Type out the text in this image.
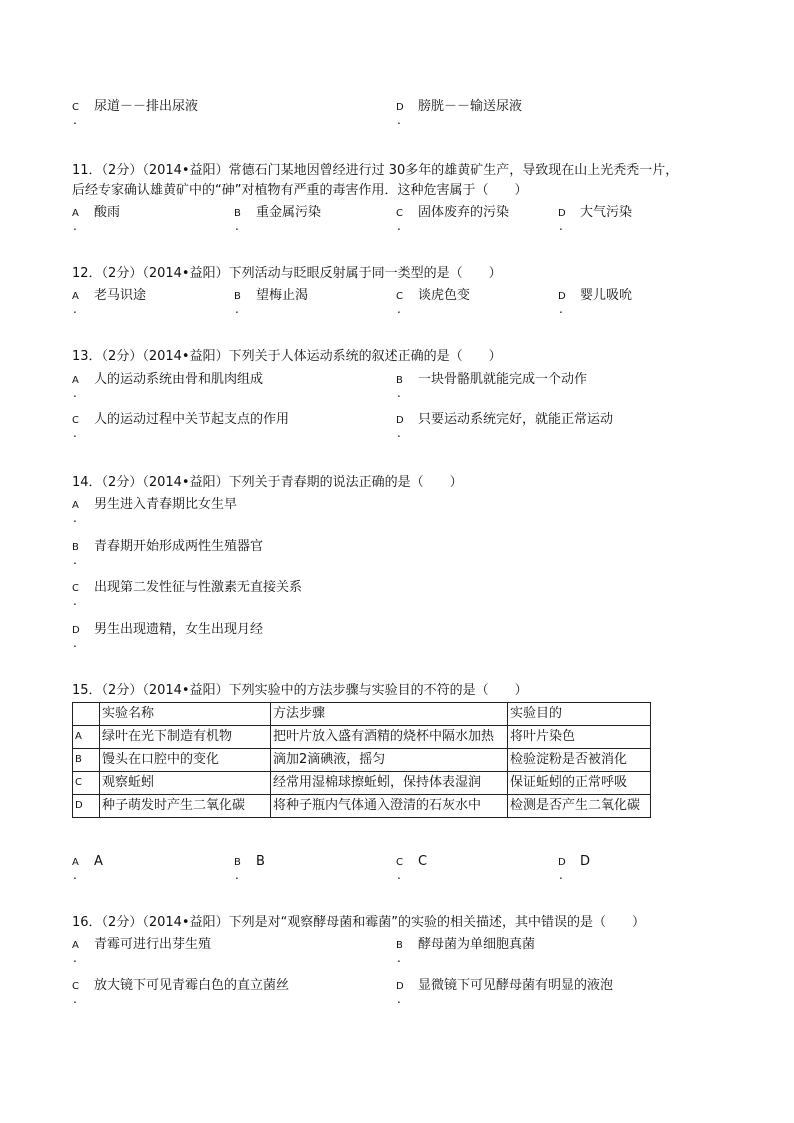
C 尿道－－排出尿液
.
D 膀胱－－输送尿液
.
11．（2分）（2014•益阳）常德石门某地因曾经进行过 30多年的雄黄矿生产，导致现在山上光秃秃一片，
后经专家确认雄黄矿中的“砷”对植物有严重的毒害作用．这种危害属于（　　）
A 酸雨
.
B 重金属污染
.
C 固体废弃的污染
.
D 大气污染
.
12．（2分）（2014•益阳）下列活动与眨眼反射属于同一类型的是（　　）
A 老马识途
.
B 望梅止渴
.
C 谈虎色变
.
D 婴儿吸吮
.
13．（2分）（2014•益阳）下列关于人体运动系统的叙述正确的是（　　）
A 人的运动系统由骨和肌肉组成
.
B 一块骨骼肌就能完成一个动作
.
C 人的运动过程中关节起支点的作用
.
D 只要运动系统完好，就能正常运动
.
14．（2分）（2014•益阳）下列关于青春期的说法正确的是（　　）
A 男生进入青春期比女生早
.
B 青春期开始形成两性生殖器官
.
C 出现第二发性征与性激素无直接关系
.
D 男生出现遗精，女生出现月经
.
15．（2分）（2014•益阳）下列实验中的方法步骤与实验目的不符的是（　　）
	实验名称	方法步骤	实验目的
A	绿叶在光下制造有机物	把叶片放入盛有酒精的烧杯中隔水加热	将叶片染色
B	馒头在口腔中的变化	滴加2滴碘液，摇匀	检验淀粉是否被消化
C	观察蚯蚓	经常用湿棉球擦蚯蚓，保持体表湿润	保证蚯蚓的正常呼吸
D	种子萌发时产生二氧化碳	将种子瓶内气体通入澄清的石灰水中	检测是否产生二氧化碳
A A
.
B B
.
C C
.
D D
.
16．（2分）（2014•益阳）下列是对“观察酵母菌和霉菌”的实验的相关描述，其中错误的是（　　）
A 青霉可进行出芽生殖
.
B 酵母菌为单细胞真菌
.
C 放大镜下可见青霉白色的直立菌丝
.
D 显微镜下可见酵母菌有明显的液泡
.
